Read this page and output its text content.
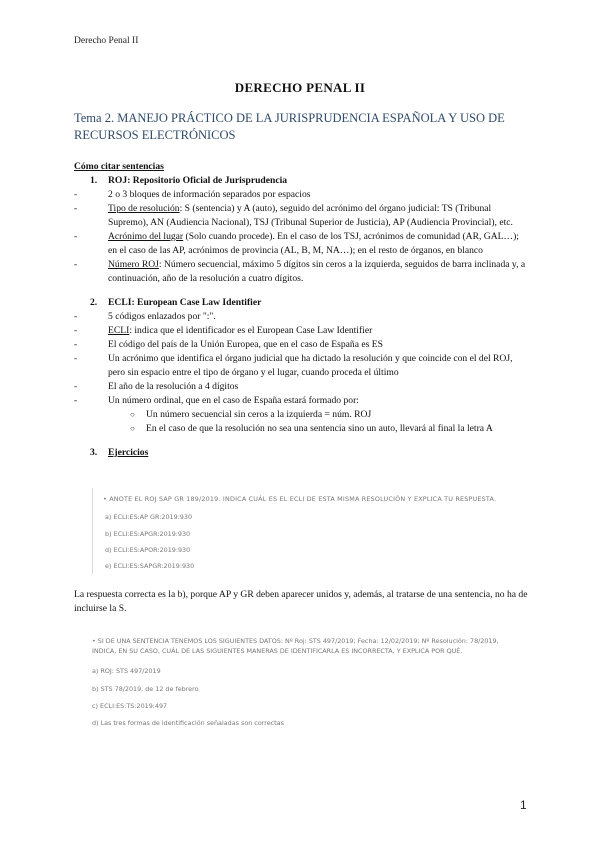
Derecho Penal II
DERECHO PENAL II
Tema 2. MANEJO PRÁCTICO DE LA JURISPRUDENCIA ESPAÑOLA Y USO DE RECURSOS ELECTRÓNICOS

Cómo citar sentencias

1.	ROJ: Repositorio Oficial de Jurisprudencia
-	2 o 3 bloques de información separados por espacios
-	Tipo de resolución: S (sentencia) y A (auto), seguido del acrónimo del órgano judicial: TS (Tribunal Supremo), AN (Audiencia Nacional), TSJ (Tribunal Superior de Justicia), AP (Audiencia Provincial), etc.
-	Acrónimo del lugar (Solo cuando procede). En el caso de los TSJ, acrónimos de comunidad (AR, GAL…); en el caso de las AP, acrónimos de provincia (AL, B, M, NA…); en el resto de órganos, en blanco
-	Número ROJ: Número secuencial, máximo 5 dígitos sin ceros a la izquierda, seguidos de barra inclinada y, a continuación, año de la resolución a cuatro dígitos.
2.	ECLI: European Case Law Identifier
-	5 códigos enlazados por ":".
-	ECLI: indica que el identificador es el European Case Law Identifier
-	El código del país de la Unión Europea, que en el caso de España es ES
-	Un acrónimo que identifica el órgano judicial que ha dictado la resolución y que coincide con el del ROJ, pero sin espacio entre el tipo de órgano y el lugar, cuando proceda el último
-	El año de la resolución a 4 dígitos
-	Un número ordinal, que en el caso de España estará formado por:
○	Un número secuencial sin ceros a la izquierda = núm. ROJ
○	En el caso de que la resolución no sea una sentencia sino un auto, llevará al final la letra A
3.	Ejercicios
• ANOTE EL ROJ SAP GR 189/2019. INDICA CUÁL ES EL ECLI DE ESTA MISMA RESOLUCIÓN Y EXPLICA TU RESPUESTA.
a) ECLI:ES:AP GR:2019:930
b) ECLI:ES:APGR:2019:930
d) ECLI:ES:APOR:2019:930
e) ECLI:ES:SAPGR:2019:930
La respuesta correcta es la b), porque AP y GR deben aparecer unidos y, además, al tratarse de una sentencia, no ha de incluirse la S.
• SI DE UNA SENTENCIA TENEMOS LOS SIGUIENTES DATOS: Nº Roj: STS 497/2019; Fecha: 12/02/2019; Nº Resolución: 78/2019, INDICA, EN SU CASO, CUÁL DE LAS SIGUIENTES MANERAS DE IDENTIFICARLA ES INCORRECTA, Y EXPLICA POR QUÉ.
a) ROJ: STS 497/2019
b) STS 78/2019, de 12 de febrero
c) ECLI:ES:TS:2019:497
d) Las tres formas de identificación señaladas son correctas
1
